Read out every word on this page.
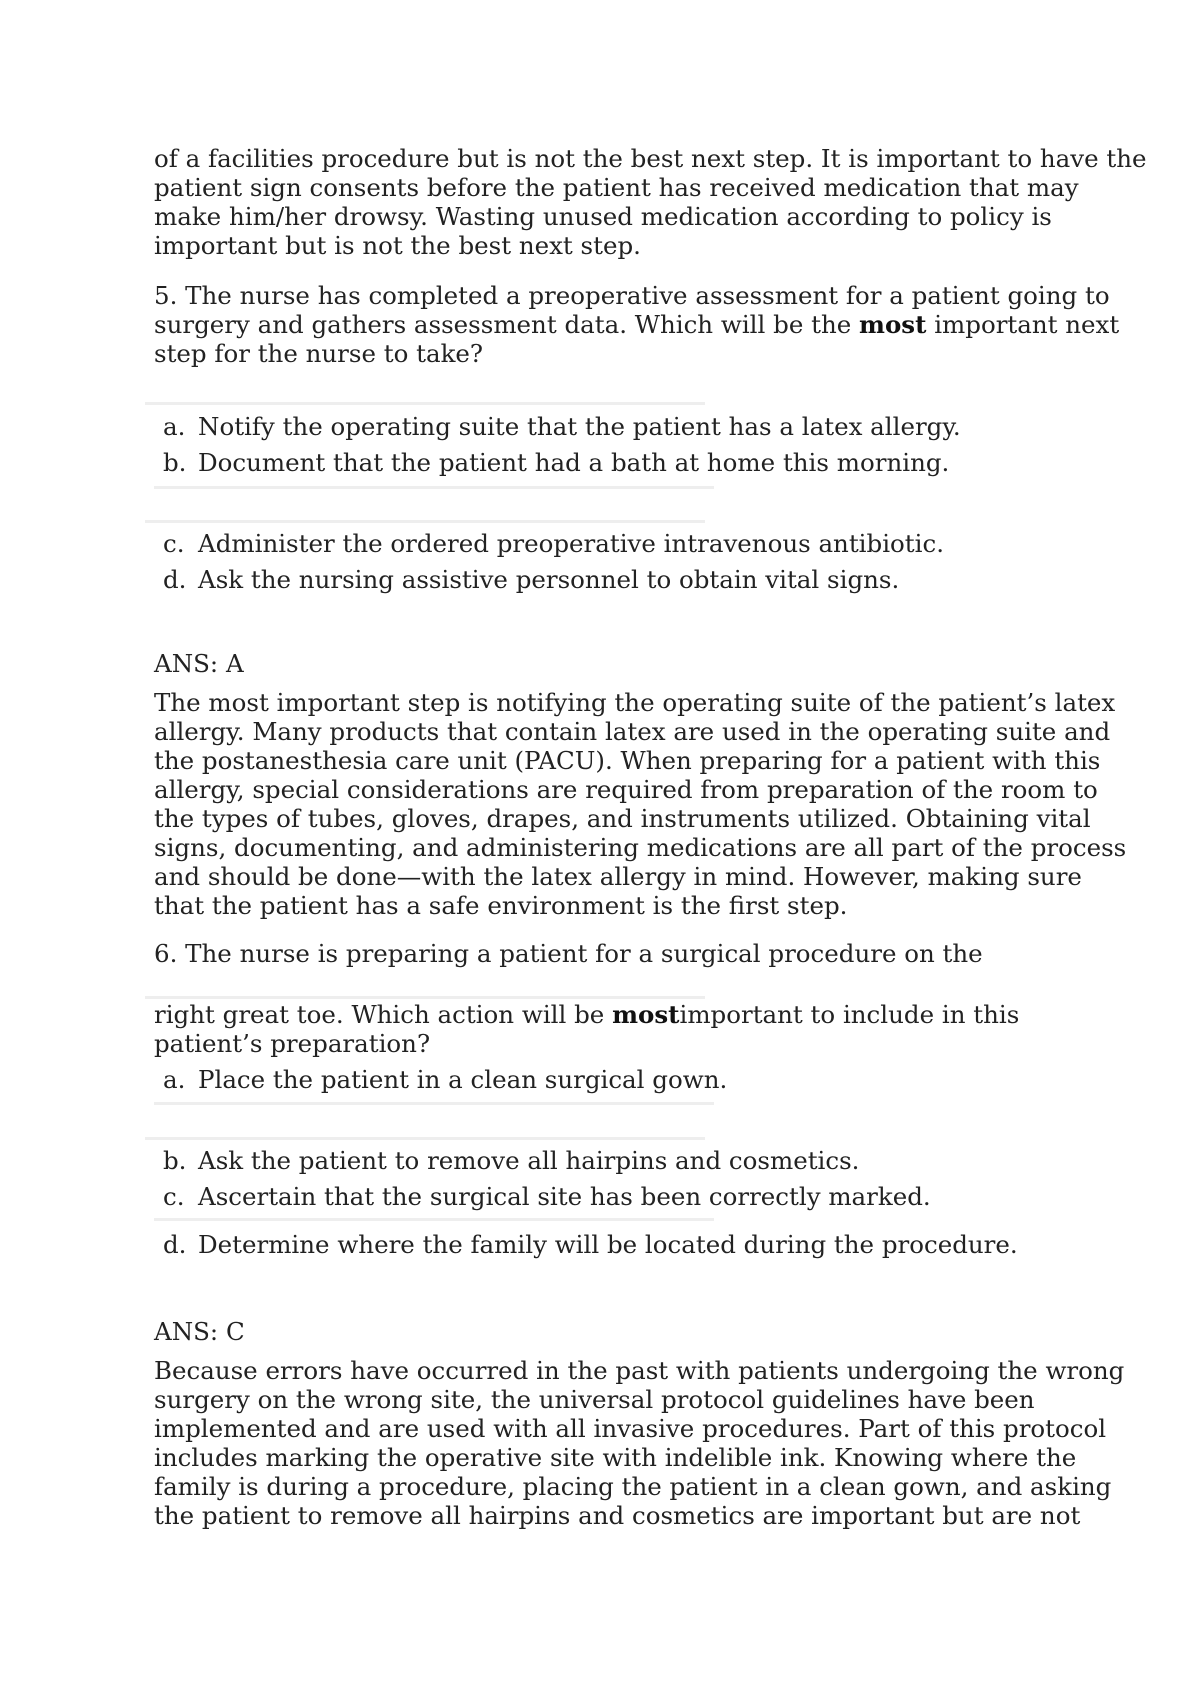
of a facilities procedure but is not the best next step. It is important to have the
patient sign consents before the patient has received medication that may
make him/her drowsy. Wasting unused medication according to policy is
important but is not the best next step.
5. The nurse has completed a preoperative assessment for a patient going to
surgery and gathers assessment data. Which will be the most important next
step for the nurse to take?
a. Notify the operating suite that the patient has a latex allergy.
b. Document that the patient had a bath at home this morning.
c. Administer the ordered preoperative intravenous antibiotic.
d. Ask the nursing assistive personnel to obtain vital signs.
ANS: A
The most important step is notifying the operating suite of the patient’s latex
allergy. Many products that contain latex are used in the operating suite and
the postanesthesia care unit (PACU). When preparing for a patient with this
allergy, special considerations are required from preparation of the room to
the types of tubes, gloves, drapes, and instruments utilized. Obtaining vital
signs, documenting, and administering medications are all part of the process
and should be done—with the latex allergy in mind. However, making sure
that the patient has a safe environment is the first step.
6. The nurse is preparing a patient for a surgical procedure on the
right great toe. Which action will be mostimportant to include in this
patient’s preparation?
a. Place the patient in a clean surgical gown.
b. Ask the patient to remove all hairpins and cosmetics.
c. Ascertain that the surgical site has been correctly marked.
d. Determine where the family will be located during the procedure.
ANS: C
Because errors have occurred in the past with patients undergoing the wrong
surgery on the wrong site, the universal protocol guidelines have been
implemented and are used with all invasive procedures. Part of this protocol
includes marking the operative site with indelible ink. Knowing where the
family is during a procedure, placing the patient in a clean gown, and asking
the patient to remove all hairpins and cosmetics are important but are not
